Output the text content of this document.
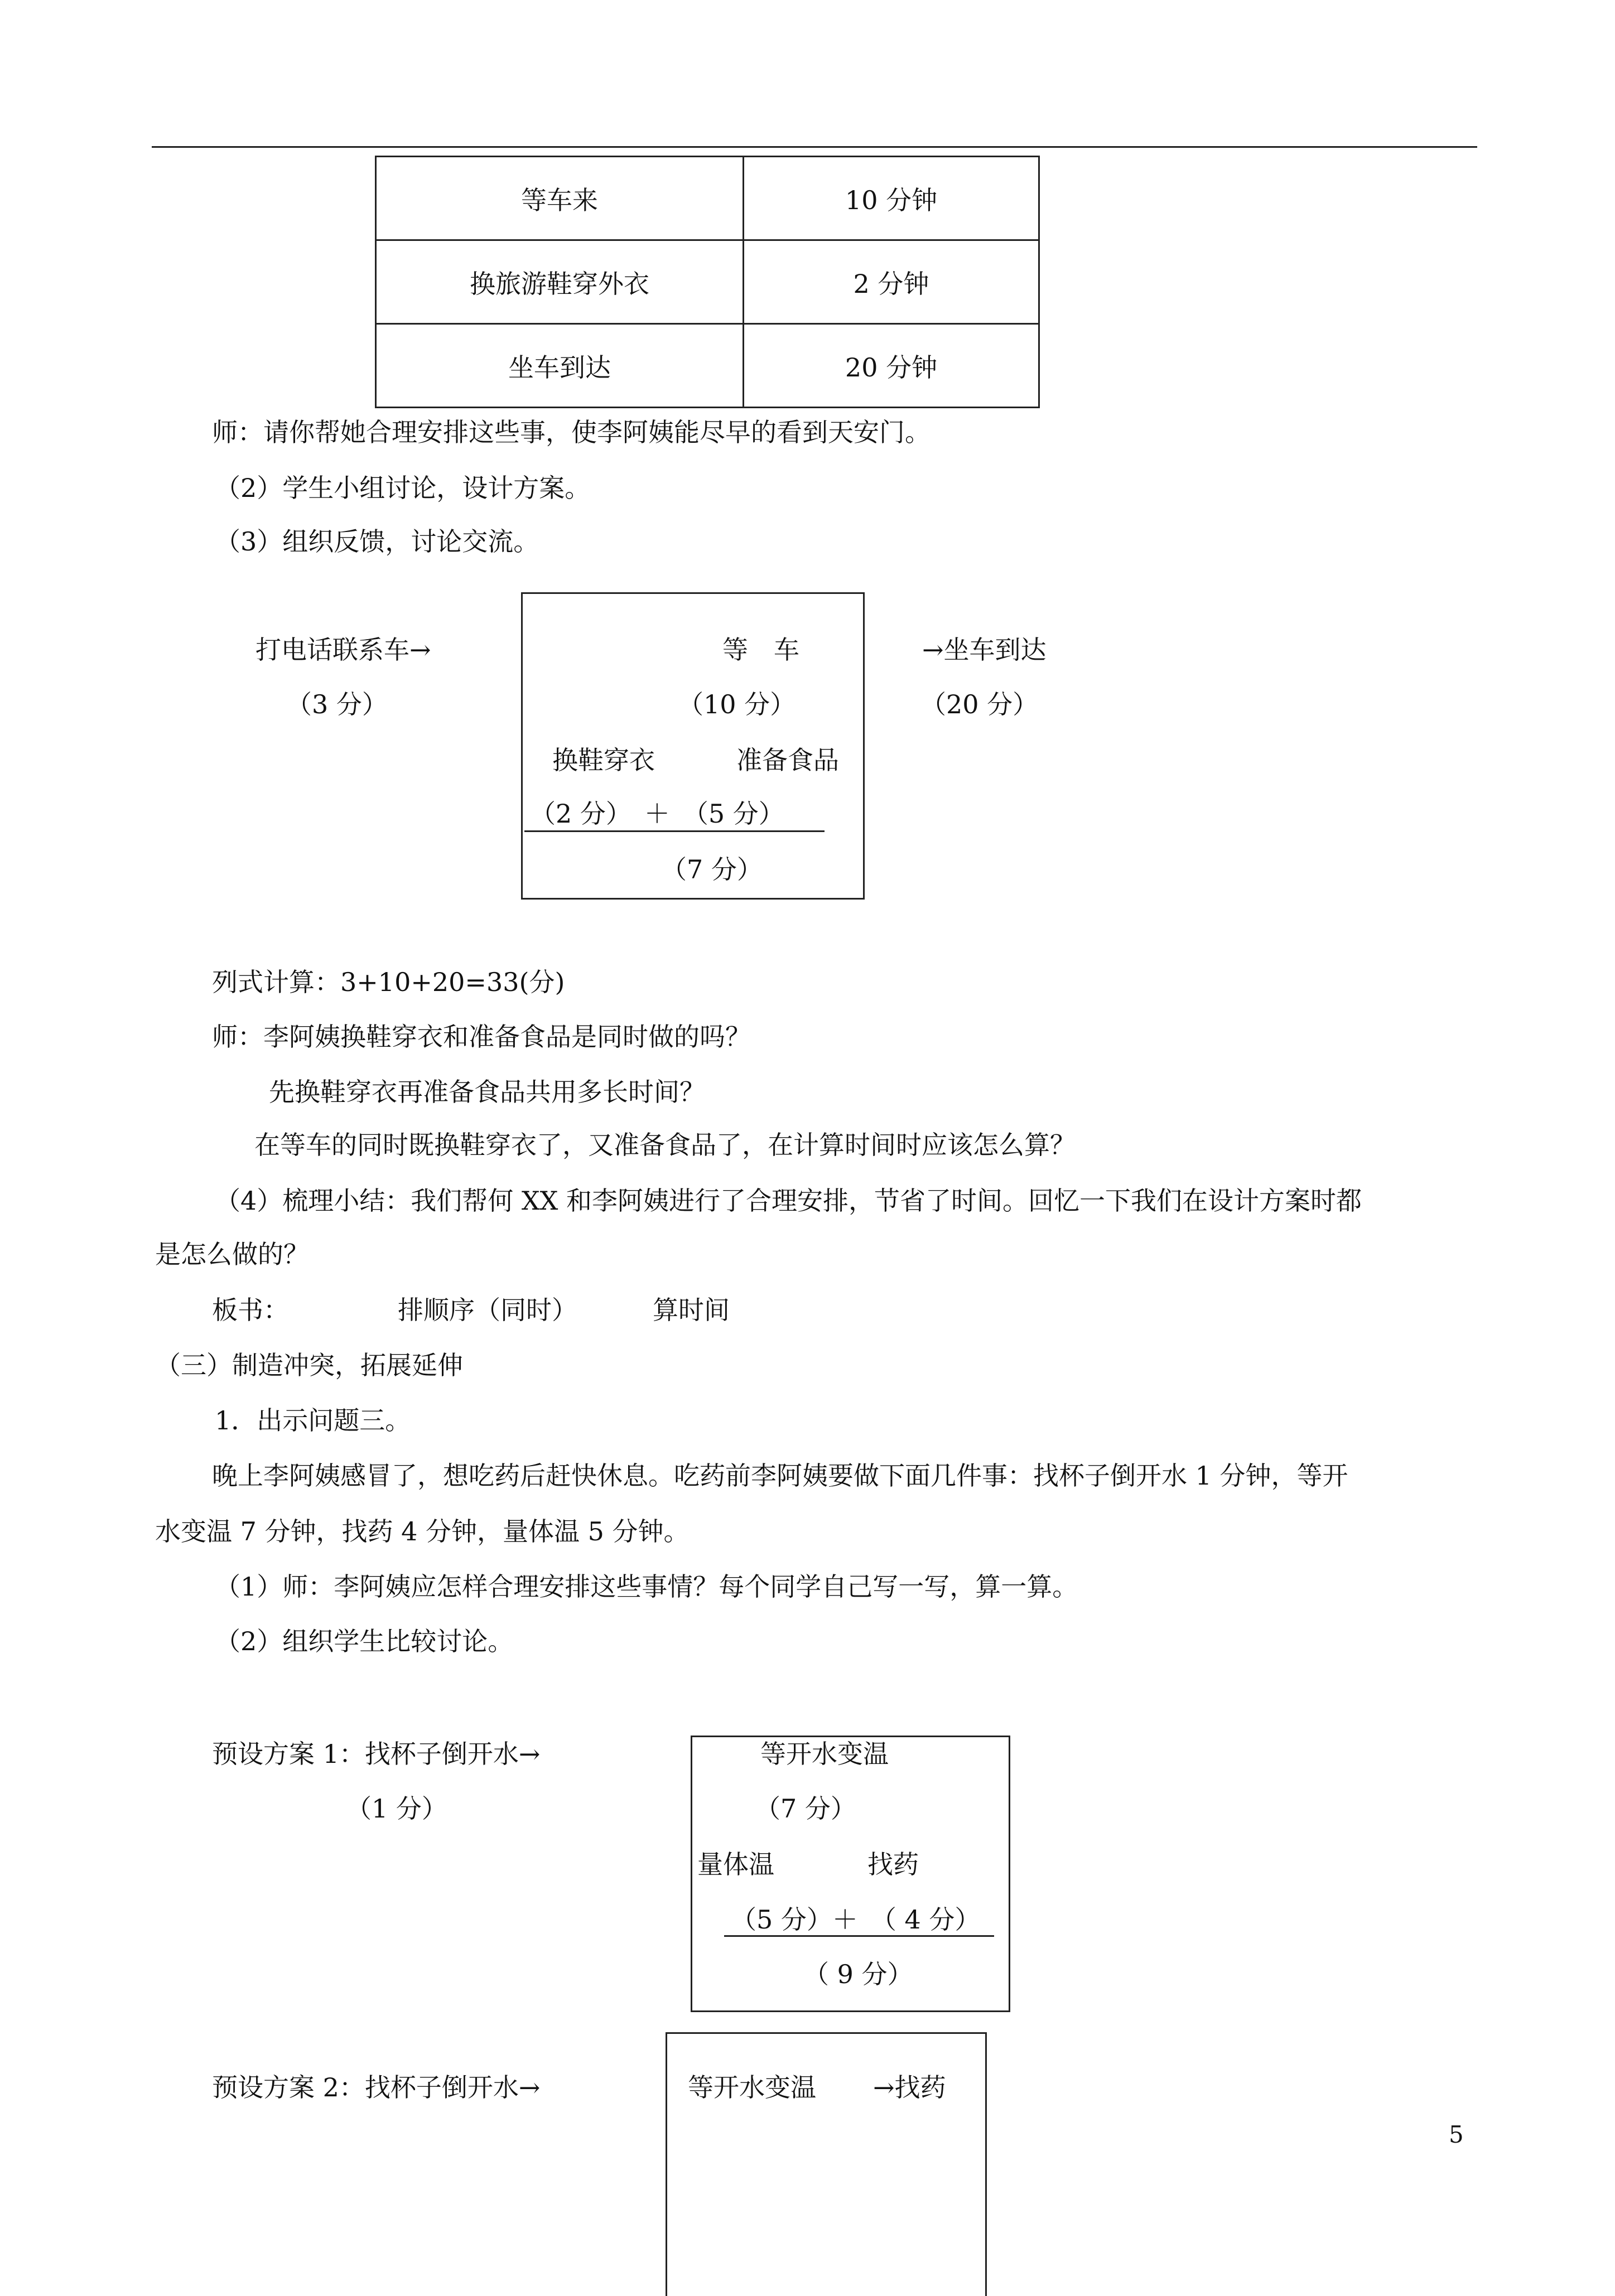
等车来	10 分钟
换旅游鞋穿外衣	2 分钟
坐车到达	20 分钟
师：请你帮她合理安排这些事，使李阿姨能尽早的看到天安门。
（2）学生小组讨论，设计方案。
（3）组织反馈，讨论交流。
打电话联系车→
（3 分）
等　车
（10 分）
换鞋穿衣	准备食品
（2 分）　＋　（5 分）
（7 分）
→坐车到达
（20 分）
列式计算：3+10+20=33(分)
师：李阿姨换鞋穿衣和准备食品是同时做的吗？
先换鞋穿衣再准备食品共用多长时间？
在等车的同时既换鞋穿衣了，又准备食品了，在计算时间时应该怎么算？
（4）梳理小结：我们帮何 XX 和李阿姨进行了合理安排，节省了时间。回忆一下我们在设计方案时都
是怎么做的？
板书：	排顺序（同时）	算时间
（三）制造冲突，拓展延伸
1．出示问题三。
晚上李阿姨感冒了，想吃药后赶快休息。吃药前李阿姨要做下面几件事：找杯子倒开水 1 分钟，等开
水变温 7 分钟，找药 4 分钟，量体温 5 分钟。
（1）师：李阿姨应怎样合理安排这些事情？每个同学自己写一写，算一算。
（2）组织学生比较讨论。
预设方案 1：找杯子倒开水→
（1 分）
等开水变温
（7 分）
量体温	找药
（5 分）＋　（ 4 分）
（ 9 分）
预设方案 2：找杯子倒开水→	等开水变温 →找药
5
